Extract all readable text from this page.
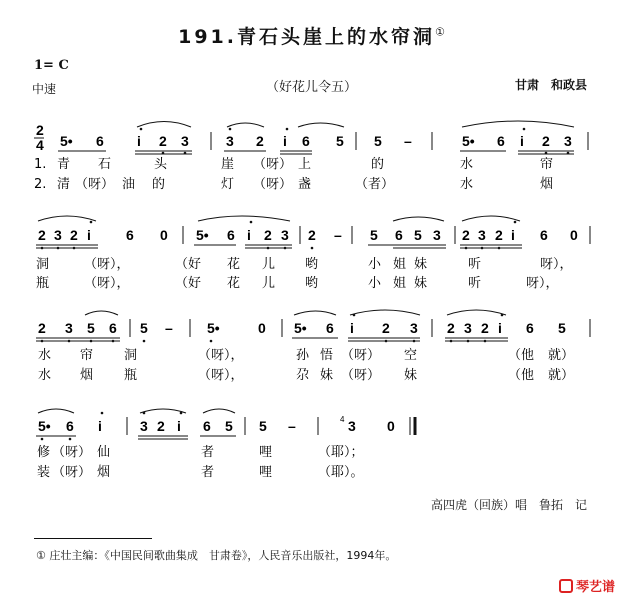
191.青石头崖上的水帘洞①
1= C
中速	（好花儿令五）	甘肃　和政县
2
4 5• 6 i 2 3	3 2 i 6 5 5 –	5• 6 i 2 3
1. 青 石	头	崖 （呀） 上	的	水	帘
2. 清 （呀） 油 的	灯 （呀） 盏	（者）	水	烟
2 3 2 i	6 0 5• 6 i 2 3 2 – 5 6 5 3 2 3 2 i 6 0
洞	（呀），	（好 花 儿 哟	小 姐 妹	听	呀），
瓶	（呀），	（好 花 儿 哟	小 姐 妹	听	呀），
2 3 5 6 5 – 5•	0 5• 6 i 2 3 2 3 2 i 6 5
水 帘 洞	（呀），	孙 悟 （呀） 空	（他 就）
水 烟 瓶	（呀），	尕 妹 （呀） 妹	（他 就）
5• 6 i	3 2 i 6 5 5 –	3 0
4
修 （呀） 仙	者	哩	（耶）；
装 （呀） 烟	者	哩	（耶）。
高四虎（回族）唱　鲁拓　记
① 庄壮主编：《中国民间歌曲集成　甘肃卷》，人民音乐出版社，1994年。
琴艺谱
